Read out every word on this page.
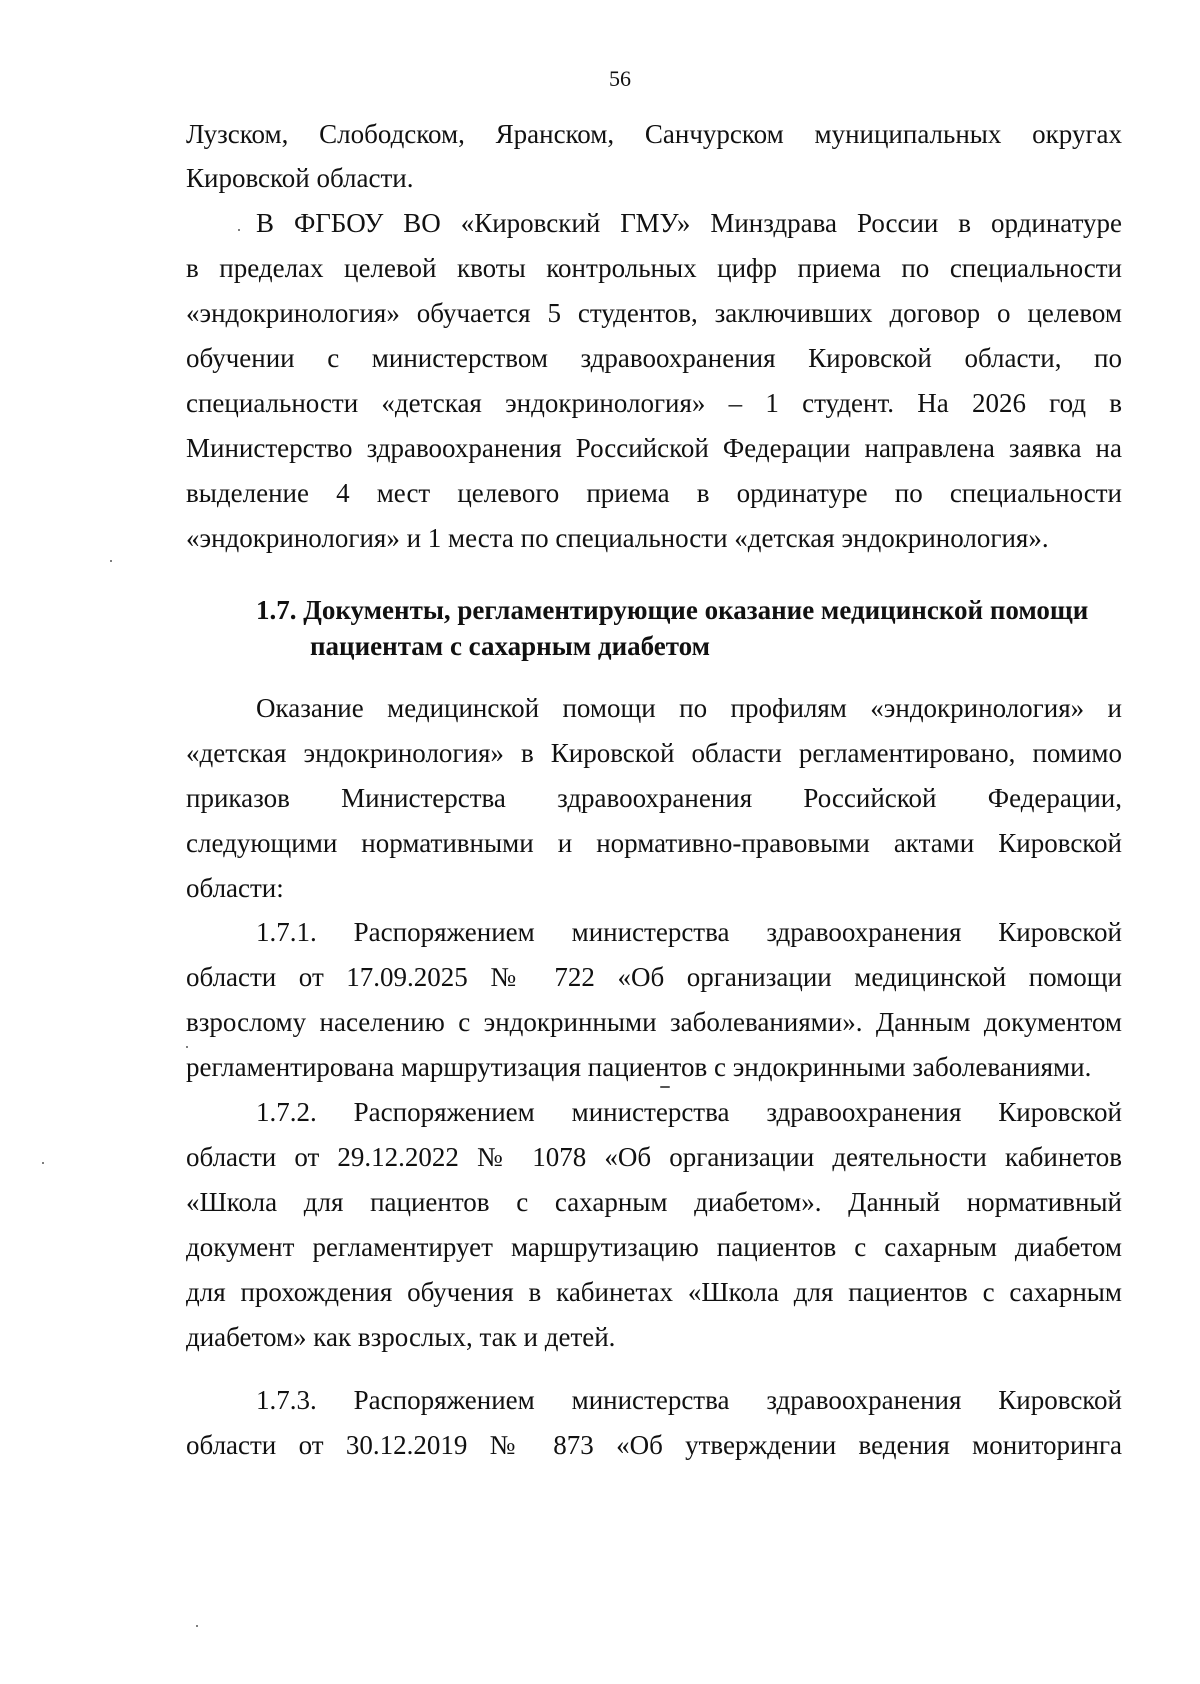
56
Лузском, Слободском, Яранском, Санчурском муниципальных округах
Кировской области.
В ФГБОУ ВО «Кировский ГМУ» Минздрава России в ординатуре
в пределах целевой квоты контрольных цифр приема по специальности
«эндокринология» обучается 5 студентов, заключивших договор о целевом
обучении с министерством здравоохранения Кировской области, по
специальности «детская эндокринология» – 1 студент. На 2026 год в
Министерство здравоохранения Российской Федерации направлена заявка на
выделение 4 мест целевого приема в ординатуре по специальности
«эндокринология» и 1 места по специальности «детская эндокринология».
1.7. Документы, регламентирующие оказание медицинской помощи
пациентам с сахарным диабетом
Оказание медицинской помощи по профилям «эндокринология» и
«детская эндокринология» в Кировской области регламентировано, помимо
приказов Министерства здравоохранения Российской Федерации,
следующими нормативными и нормативно-правовыми актами Кировской
области:
1.7.1. Распоряжением министерства здравоохранения Кировской
области от 17.09.2025 № 722 «Об организации медицинской помощи
взрослому населению с эндокринными заболеваниями». Данным документом
регламентирована маршрутизация пациентов с эндокринными заболеваниями.
1.7.2. Распоряжением министерства здравоохранения Кировской
области от 29.12.2022 № 1078 «Об организации деятельности кабинетов
«Школа для пациентов с сахарным диабетом». Данный нормативный
документ регламентирует маршрутизацию пациентов с сахарным диабетом
для прохождения обучения в кабинетах «Школа для пациентов с сахарным
диабетом» как взрослых, так и детей.
1.7.3. Распоряжением министерства здравоохранения Кировской
области от 30.12.2019 № 873 «Об утверждении ведения мониторинга
